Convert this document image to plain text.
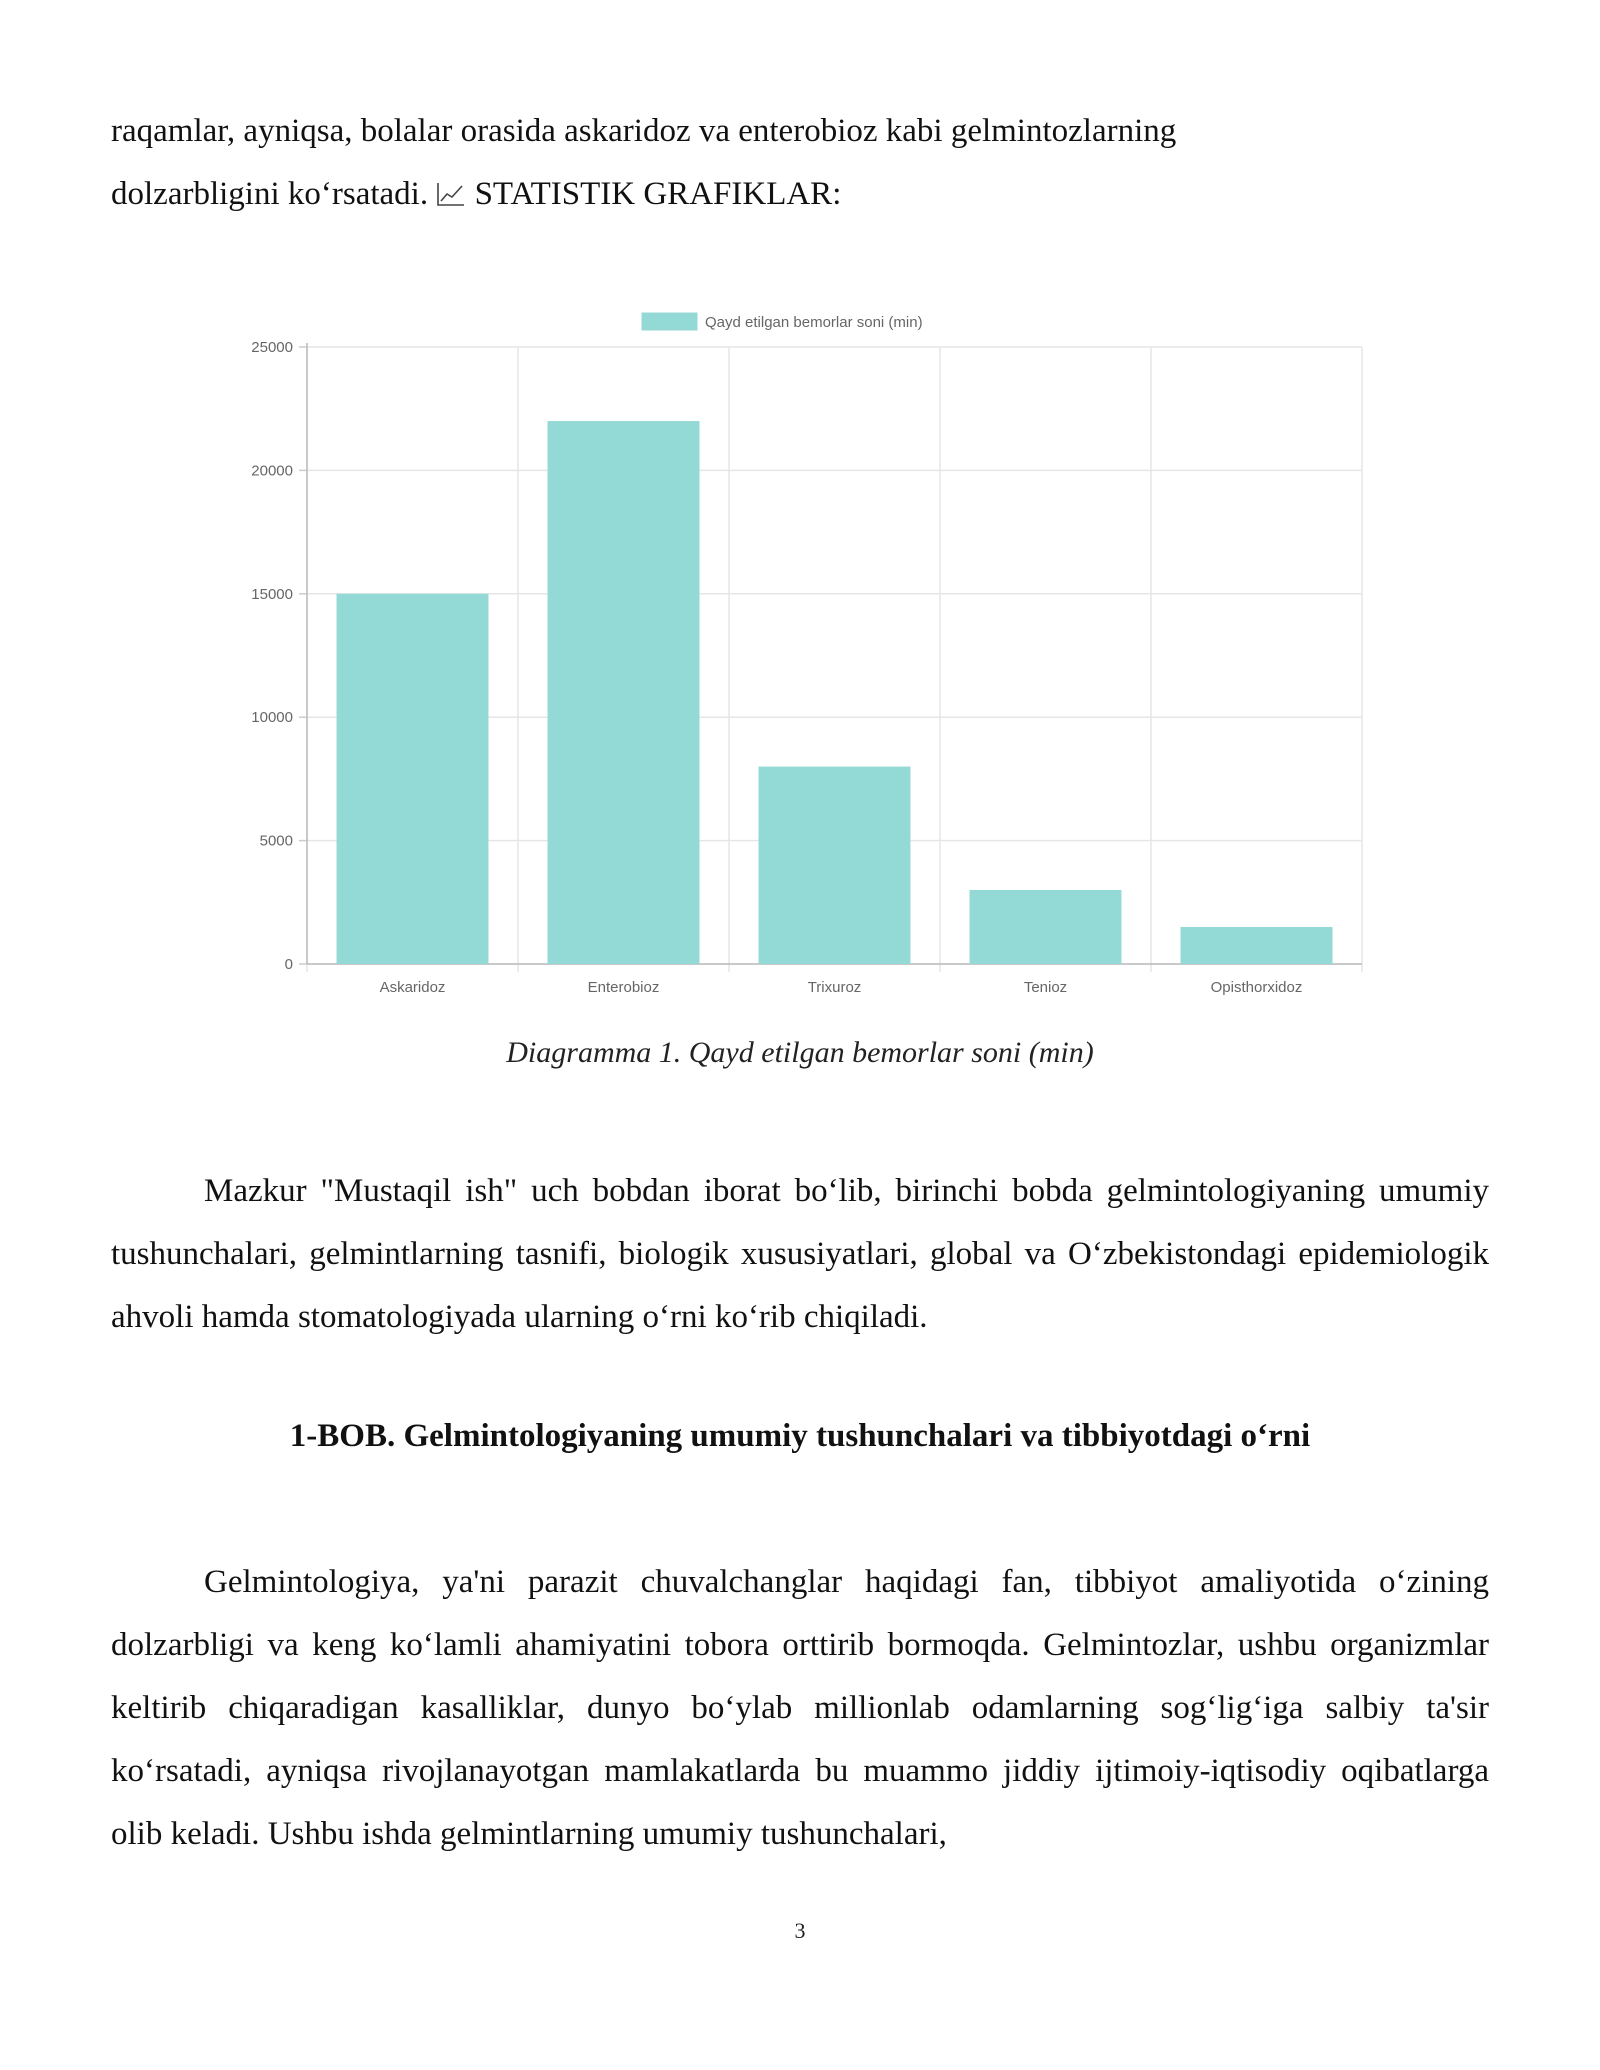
raqamlar, ayniqsa, bolalar orasida askaridoz va enterobioz kabi gelmintozlarning
dolzarbligini ko‘rsatadi. STATISTIK GRAFIKLAR:

0
5000
10000
15000
20000
25000
Askaridoz	Enterobioz	Trixuroz	Tenioz	Opisthorxidoz
Qayd etilgan bemorlar soni (min)

Diagramma 1. Qayd etilgan bemorlar soni (min)

Mazkur "Mustaqil ish" uch bobdan iborat bo‘lib, birinchi bobda gelmintologiyaning umumiy tushunchalari, gelmintlarning tasnifi, biologik xususiyatlari, global va O‘zbekistondagi epidemiologik ahvoli hamda stomatologiyada ularning o‘rni ko‘rib chiqiladi.

1-BOB. Gelmintologiyaning umumiy tushunchalari va tibbiyotdagi o‘rni

Gelmintologiya, ya'ni parazit chuvalchanglar haqidagi fan, tibbiyot amaliyotida o‘zining dolzarbligi va keng ko‘lamli ahamiyatini tobora orttirib bormoqda. Gelmintozlar, ushbu organizmlar keltirib chiqaradigan kasalliklar, dunyo bo‘ylab millionlab odamlarning sog‘lig‘iga salbiy ta'sir ko‘rsatadi, ayniqsa rivojlanayotgan mamlakatlarda bu muammo jiddiy ijtimoiy-iqtisodiy oqibatlarga olib keladi. Ushbu ishda gelmintlarning umumiy tushunchalari,

3
